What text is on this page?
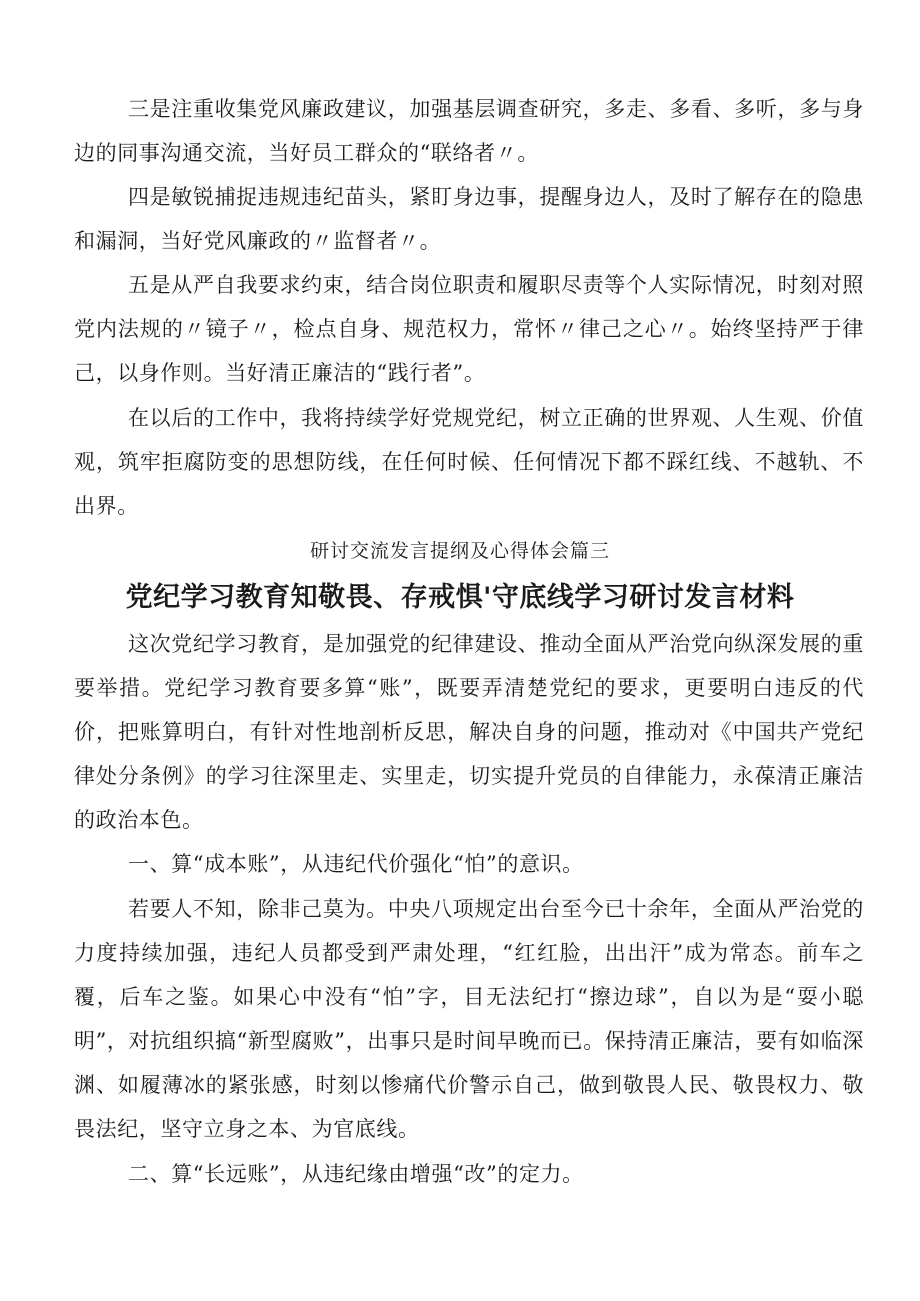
三是注重收集党风廉政建议，加强基层调查研究，多走、多看、多听，多与身边的同事沟通交流，当好员工群众的“联络者〃。

四是敏锐捕捉违规违纪苗头，紧盯身边事，提醒身边人，及时了解存在的隐患和漏洞，当好党风廉政的〃监督者〃。

五是从严自我要求约束，结合岗位职责和履职尽责等个人实际情况，时刻对照党内法规的〃镜子〃，检点自身、规范权力，常怀〃律己之心〃。始终坚持严于律己，以身作则。当好清正廉洁的“践行者”。

在以后的工作中，我将持续学好党规党纪，树立正确的世界观、人生观、价值观，筑牢拒腐防变的思想防线，在任何时候、任何情况下都不踩红线、不越轨、不出界。

研讨交流发言提纲及心得体会篇三

党纪学习教育知敬畏、存戒惧'守底线学习研讨发言材料

这次党纪学习教育，是加强党的纪律建设、推动全面从严治党向纵深发展的重要举措。党纪学习教育要多算“账”，既要弄清楚党纪的要求，更要明白违反的代价，把账算明白，有针对性地剖析反思，解决自身的问题，推动对《中国共产党纪律处分条例》的学习往深里走、实里走，切实提升党员的自律能力，永葆清正廉洁的政治本色。

一、算“成本账”，从违纪代价强化“怕”的意识。

若要人不知，除非己莫为。中央八项规定出台至今已十余年，全面从严治党的力度持续加强，违纪人员都受到严肃处理，“红红脸，出出汗”成为常态。前车之覆，后车之鉴。如果心中没有“怕”字，目无法纪打“擦边球”，自以为是“耍小聪明”，对抗组织搞“新型腐败”，出事只是时间早晚而已。保持清正廉洁，要有如临深渊、如履薄冰的紧张感，时刻以惨痛代价警示自己，做到敬畏人民、敬畏权力、敬畏法纪，坚守立身之本、为官底线。

二、算“长远账”，从违纪缘由增强“改”的定力。
